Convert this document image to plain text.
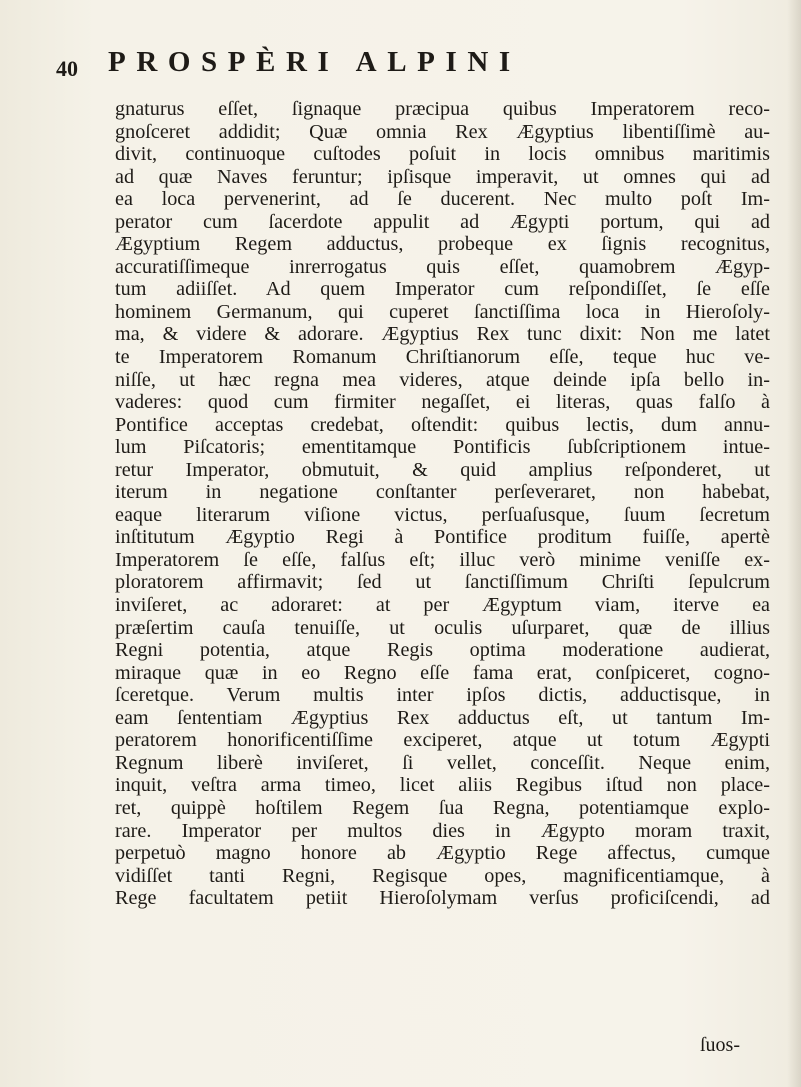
40 PROSPÈRI ALPINI
gnaturus eſſet, ſignaque præcipua quibus Imperatorem reco-
gnoſceret addidit; Quæ omnia Rex Ægyptius libentiſſimè au-
divit, continuoque cuſtodes poſuit in locis omnibus maritimis
ad quæ Naves feruntur; ipſisque imperavit, ut omnes qui ad
ea loca pervenerint, ad ſe ducerent. Nec multo poſt Im-
perator cum ſacerdote appulit ad Ægypti portum, qui ad
Ægyptium Regem adductus, probeque ex ſignis recognitus,
accuratiſſimeque inrerrogatus quis eſſet, quamobrem Ægyp-
tum adiiſſet. Ad quem Imperator cum reſpondiſſet, ſe eſſe
hominem Germanum, qui cuperet ſanctiſſima loca in Hieroſoly-
ma, & videre & adorare. Ægyptius Rex tunc dixit: Non me latet
te Imperatorem Romanum Chriſtianorum eſſe, teque huc ve-
niſſe, ut hæc regna mea videres, atque deinde ipſa bello in-
vaderes: quod cum firmiter negaſſet, ei literas, quas falſo à
Pontifice acceptas credebat, oſtendit: quibus lectis, dum annu-
lum Piſcatoris; ementitamque Pontificis ſubſcriptionem intue-
retur Imperator, obmutuit, & quid amplius reſponderet, ut
iterum in negatione conſtanter perſeveraret, non habebat,
eaque literarum viſione victus, perſuaſusque, ſuum ſecretum
inſtitutum Ægyptio Regi à Pontifice proditum fuiſſe, apertè
Imperatorem ſe eſſe, falſus eſt; illuc verò minime veniſſe ex-
ploratorem affirmavit; ſed ut ſanctiſſimum Chriſti ſepulcrum
inviſeret, ac adoraret: at per Ægyptum viam, iterve ea
præſertim cauſa tenuiſſe, ut oculis uſurparet, quæ de illius
Regni potentia, atque Regis optima moderatione audierat,
miraque quæ in eo Regno eſſe fama erat, conſpiceret, cogno-
ſceretque. Verum multis inter ipſos dictis, adductisque, in
eam ſententiam Ægyptius Rex adductus eſt, ut tantum Im-
peratorem honorificentiſſime exciperet, atque ut totum Ægypti
Regnum liberè inviſeret, ſi vellet, conceſſit. Neque enim,
inquit, veſtra arma timeo, licet aliis Regibus iſtud non place-
ret, quippè hoſtilem Regem ſua Regna, potentiamque explo-
rare. Imperator per multos dies in Ægypto moram traxit,
perpetuò magno honore ab Ægyptio Rege affectus, cumque
vidiſſet tanti Regni, Regisque opes, magnificentiamque, à
Rege facultatem petiit Hieroſolymam verſus proficiſcendi, ad
ſuos-
